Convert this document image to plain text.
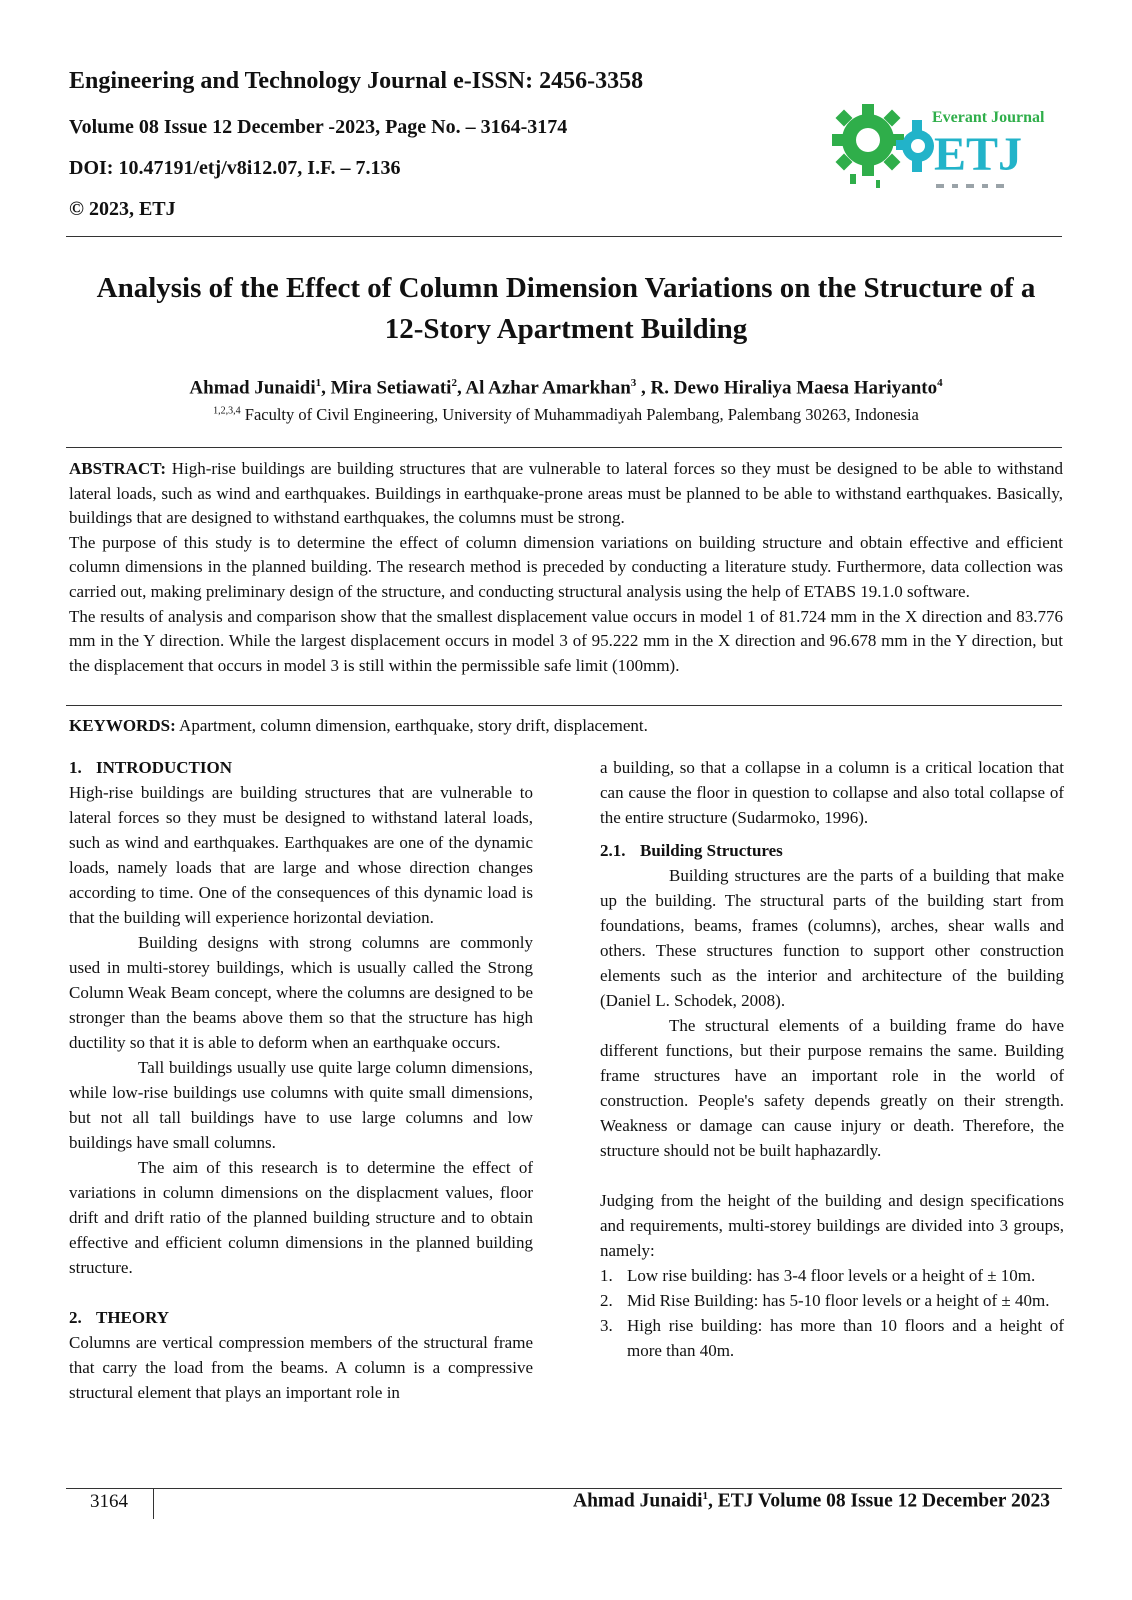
Engineering and Technology Journal e-ISSN: 2456-3358
Volume 08 Issue 12 December -2023, Page No. – 3164-3174
DOI: 10.47191/etj/v8i12.07, I.F. – 7.136
© 2023, ETJ
Everant Journal
ETJ
Analysis of the Effect of Column Dimension Variations on the Structure of a
12-Story Apartment Building
Ahmad Junaidi$^1$, Mira Setiawati$^2$, Al Azhar Amarkhan$^3$ , R. Dewo Hiraliya Maesa Hariyanto$^4$
$^{1,2,3,4}$ Faculty of Civil Engineering, University of Muhammadiyah Palembang, Palembang 30263, Indonesia

ABSTRACT: High-rise buildings are building structures that are vulnerable to lateral forces so they must be designed to be able to withstand lateral loads, such as wind and earthquakes. Buildings in earthquake-prone areas must be planned to be able to withstand earthquakes. Basically, buildings that are designed to withstand earthquakes, the columns must be strong.

The purpose of this study is to determine the effect of column dimension variations on building structure and obtain effective and efficient column dimensions in the planned building. The research method is preceded by conducting a literature study. Furthermore, data collection was carried out, making preliminary design of the structure, and conducting structural analysis using the help of ETABS 19.1.0 software.

The results of analysis and comparison show that the smallest displacement value occurs in model 1 of 81.724 mm in the X direction and 83.776 mm in the Y direction. While the largest displacement occurs in model 3 of 95.222 mm in the X direction and 96.678 mm in the Y direction, but the displacement that occurs in model 3 is still within the permissible safe limit (100mm).

KEYWORDS: Apartment, column dimension, earthquake, story drift, displacement.

1. INTRODUCTION

High-rise buildings are building structures that are vulnerable to lateral forces so they must be designed to withstand lateral loads, such as wind and earthquakes. Earthquakes are one of the dynamic loads, namely loads that are large and whose direction changes according to time. One of the consequences of this dynamic load is that the building will experience horizontal deviation.

Building designs with strong columns are commonly used in multi-storey buildings, which is usually called the Strong Column Weak Beam concept, where the columns are designed to be stronger than the beams above them so that the structure has high ductility so that it is able to deform when an earthquake occurs.

Tall buildings usually use quite large column dimensions, while low-rise buildings use columns with quite small dimensions, but not all tall buildings have to use large columns and low buildings have small columns.

The aim of this research is to determine the effect of variations in column dimensions on the displacment values, floor drift and drift ratio of the planned building structure and to obtain effective and efficient column dimensions in the planned building structure.

2. THEORY

Columns are vertical compression members of the structural frame that carry the load from the beams. A column is a compressive structural element that plays an important role in

a building, so that a collapse in a column is a critical location that can cause the floor in question to collapse and also total collapse of the entire structure (Sudarmoko, 1996).

2.1. Building Structures

Building structures are the parts of a building that make up the building. The structural parts of the building start from foundations, beams, frames (columns), arches, shear walls and others. These structures function to support other construction elements such as the interior and architecture of the building (Daniel L. Schodek, 2008).

The structural elements of a building frame do have different functions, but their purpose remains the same. Building frame structures have an important role in the world of construction. People's safety depends greatly on their strength. Weakness or damage can cause injury or death. Therefore, the structure should not be built haphazardly.

Judging from the height of the building and design specifications and requirements, multi-storey buildings are divided into 3 groups, namely:

1. Low rise building: has 3-4 floor levels or a height of ± 10m.
2. Mid Rise Building: has 5-10 floor levels or a height of ± 40m.
3. High rise building: has more than 10 floors and a height of more than 40m.
3164	Ahmad Junaidi$^1$, ETJ Volume 08 Issue 12 December 2023
